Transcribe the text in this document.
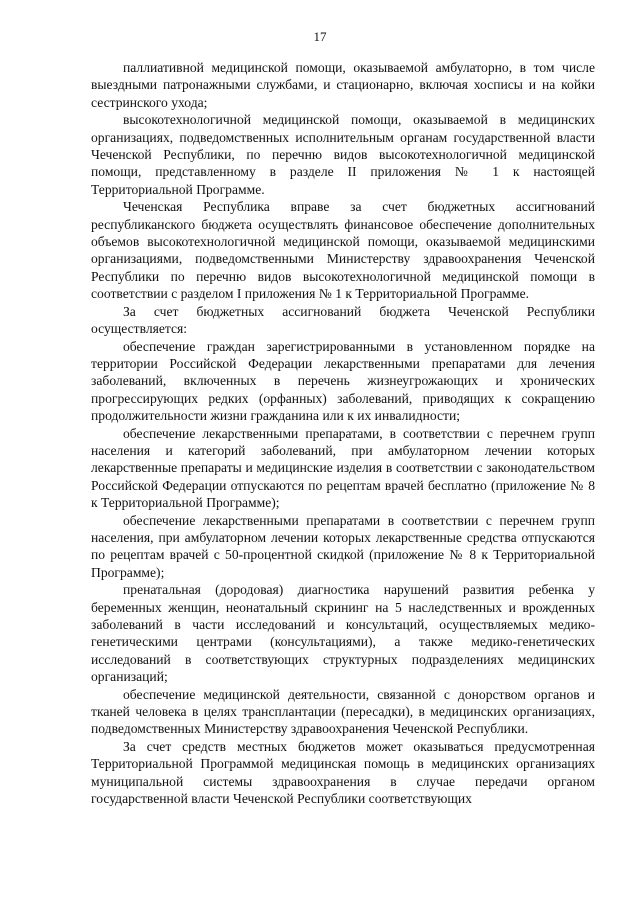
17

паллиативной медицинской помощи, оказываемой амбулаторно, в том числе выездными патронажными службами, и стационарно, включая хосписы и на койки сестринского ухода;

высокотехнологичной медицинской помощи, оказываемой в медицинских организациях, подведомственных исполнительным органам государственной власти Чеченской Республики, по перечню видов высокотехнологичной медицинской помощи, представленному в разделе II приложения № 1 к настоящей Территориальной Программе.

Чеченская Республика вправе за счет бюджетных ассигнований республиканского бюджета осуществлять финансовое обеспечение дополнительных объемов высокотехнологичной медицинской помощи, оказываемой медицинскими организациями, подведомственными Министерству здравоохранения Чеченской Республики по перечню видов высокотехнологичной медицинской помощи в соответствии с разделом I приложения № 1 к Территориальной Программе.

За счет бюджетных ассигнований бюджета Чеченской Республики осуществляется:

обеспечение граждан зарегистрированными в установленном порядке на территории Российской Федерации лекарственными препаратами для лечения заболеваний, включенных в перечень жизнеугрожающих и хронических прогрессирующих редких (орфанных) заболеваний, приводящих к сокращению продолжительности жизни гражданина или к их инвалидности;

обеспечение лекарственными препаратами, в соответствии с перечнем групп населения и категорий заболеваний, при амбулаторном лечении которых лекарственные препараты и медицинские изделия в соответствии с законодательством Российской Федерации отпускаются по рецептам врачей бесплатно (приложение № 8 к Территориальной Программе);

обеспечение лекарственными препаратами в соответствии с перечнем групп населения, при амбулаторном лечении которых лекарственные средства отпускаются по рецептам врачей с 50-процентной скидкой (приложение № 8 к Территориальной Программе);

пренатальная (дородовая) диагностика нарушений развития ребенка у беременных женщин, неонатальный скрининг на 5 наследственных и врожденных заболеваний в части исследований и консультаций, осуществляемых медико-генетическими центрами (консультациями), а также медико-генетических исследований в соответствующих структурных подразделениях медицинских организаций;

обеспечение медицинской деятельности, связанной с донорством органов и тканей человека в целях трансплантации (пересадки), в медицинских организациях, подведомственных Министерству здравоохранения Чеченской Республики.

За счет средств местных бюджетов может оказываться предусмотренная Территориальной Программой медицинская помощь в медицинских организациях муниципальной системы здравоохранения в случае передачи органом государственной власти Чеченской Республики соответствующих
